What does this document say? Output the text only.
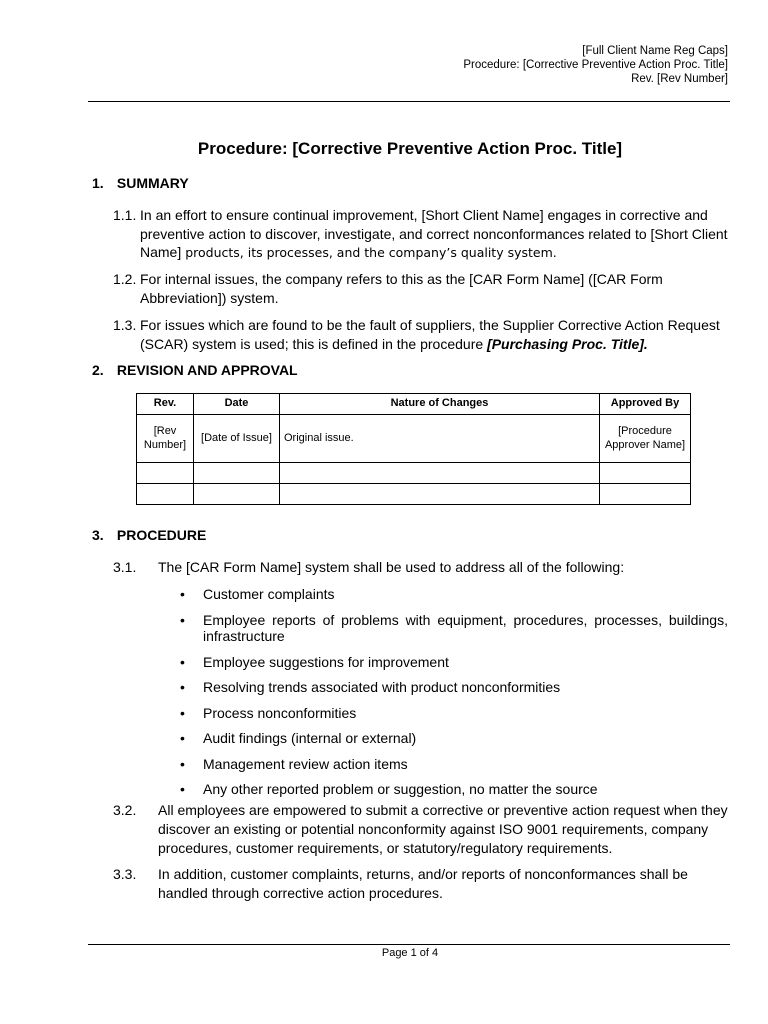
[Full Client Name Reg Caps]
Procedure: [Corrective Preventive Action Proc. Title]
Rev. [Rev Number]
Procedure: [Corrective Preventive Action Proc. Title]
1. SUMMARY
1.1. In an effort to ensure continual improvement, [Short Client Name] engages in corrective and preventive action to discover, investigate, and correct nonconformances related to [Short Client Name] products, its processes, and the company’s quality system.
1.2. For internal issues, the company refers to this as the [CAR Form Name] ([CAR Form Abbreviation]) system.
1.3. For issues which are found to be the fault of suppliers, the Supplier Corrective Action Request (SCAR) system is used; this is defined in the procedure [Purchasing Proc. Title].
2. REVISION AND APPROVAL
Rev.	Date	Nature of Changes	Approved By
[Rev Number]	[Date of Issue]	Original issue.	[Procedure Approver Name]

3. PROCEDURE
3.1. The [CAR Form Name] system shall be used to address all of the following:
• Customer complaints
• Employee reports of problems with equipment, procedures, processes, buildings, infrastructure
• Employee suggestions for improvement
• Resolving trends associated with product nonconformities
• Process nonconformities
• Audit findings (internal or external)
• Management review action items
• Any other reported problem or suggestion, no matter the source
3.2. All employees are empowered to submit a corrective or preventive action request when they discover an existing or potential nonconformity against ISO 9001 requirements, company procedures, customer requirements, or statutory/regulatory requirements.
3.3. In addition, customer complaints, returns, and/or reports of nonconformances shall be handled through corrective action procedures.
Page 1 of 4
